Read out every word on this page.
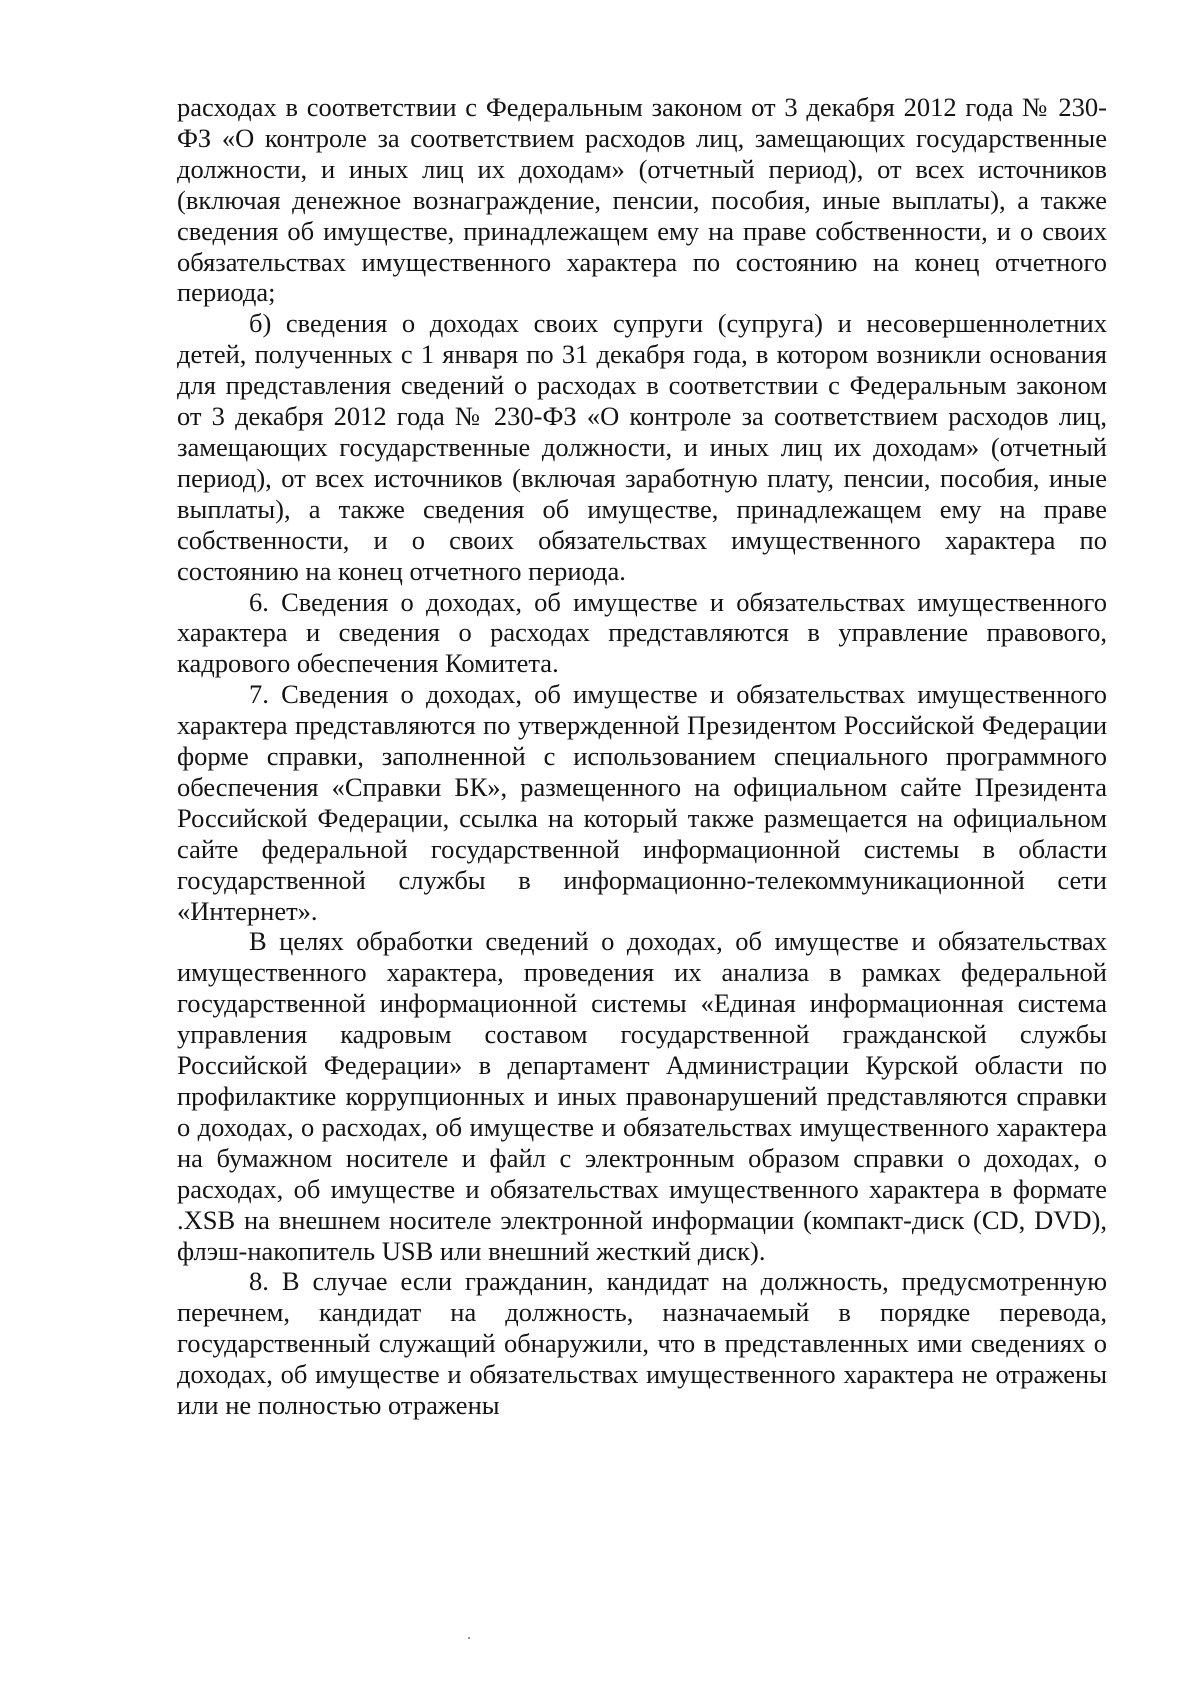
расходах в соответствии с Федеральным законом от 3 декабря 2012 года № 230-ФЗ «О контроле за соответствием расходов лиц, замещающих государственные должности, и иных лиц их доходам» (отчетный период), от всех источников (включая денежное вознаграждение, пенсии, пособия, иные выплаты), а также сведения об имуществе, принадлежащем ему на праве собственности, и о своих обязательствах имущественного характера по состоянию на конец отчетного периода;

б) сведения о доходах своих супруги (супруга) и несовершеннолетних детей, полученных с 1 января по 31 декабря года, в котором возникли основания для представления сведений о расходах в соответствии с Федеральным законом от 3 декабря 2012 года № 230-ФЗ «О контроле за соответствием расходов лиц, замещающих государственные должности, и иных лиц их доходам» (отчетный период), от всех источников (включая заработную плату, пенсии, пособия, иные выплаты), а также сведения об имуществе, принадлежащем ему на праве собственности, и о своих обязательствах имущественного характера по состоянию на конец отчетного периода.

6. Сведения о доходах, об имуществе и обязательствах имущественного характера и сведения о расходах представляются в управление правового, кадрового обеспечения Комитета.

7. Сведения о доходах, об имуществе и обязательствах имущественного характера представляются по утвержденной Президентом Российской Федерации форме справки, заполненной с использованием специального программного обеспечения «Справки БК», размещенного на официальном сайте Президента Российской Федерации, ссылка на который также размещается на официальном сайте федеральной государственной информационной системы в области государственной службы в информационно-телекоммуникационной сети «Интернет».

В целях обработки сведений о доходах, об имуществе и обязательствах имущественного характера, проведения их анализа в рамках федеральной государственной информационной системы «Единая информационная система управления кадровым составом государственной гражданской службы Российской Федерации» в департамент Администрации Курской области по профилактике коррупционных и иных правонарушений представляются справки о доходах, о расходах, об имуществе и обязательствах имущественного характера на бумажном носителе и файл с электронным образом справки о доходах, о расходах, об имуществе и обязательствах имущественного характера в формате .XSB на внешнем носителе электронной информации (компакт-диск (CD, DVD), флэш-накопитель USB или внешний жесткий диск).

8. В случае если гражданин, кандидат на должность, предусмотренную перечнем, кандидат на должность, назначаемый в порядке перевода, государственный служащий обнаружили, что в представленных ими сведениях о доходах, об имуществе и обязательствах имущественного характера не отражены или не полностью отражены
